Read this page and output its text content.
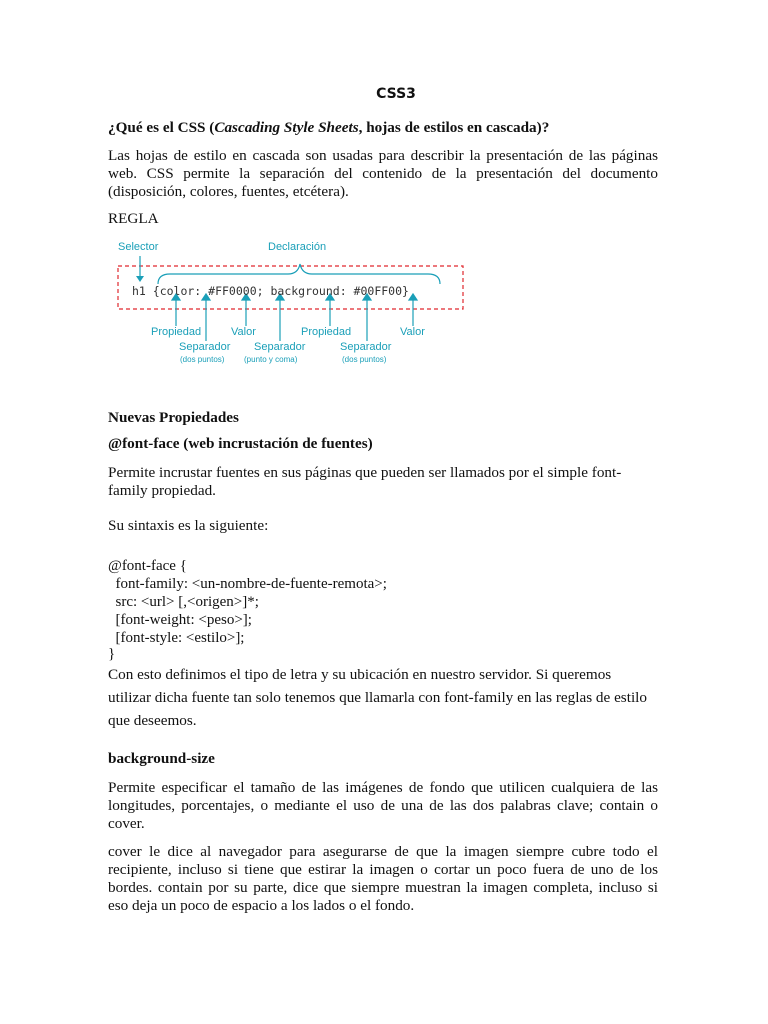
CSS3
¿Qué es el CSS (Cascading Style Sheets, hojas de estilos en cascada)?
Las hojas de estilo en cascada son usadas para describir la presentación de las páginas web. CSS permite la separación del contenido de la presentación del documento (disposición, colores, fuentes, etcétera).
REGLA
Selector	Declaración
h1 {color: #FF0000; background: #00FF00}
Propiedad	Valor	Propiedad	Valor
Separador
(dos puntos)
Separador
(punto y coma)
Separador
(dos puntos)
Nuevas Propiedades
@font-face (web incrustación de fuentes)
Permite incrustar fuentes en sus páginas que pueden ser llamados por el simple font-family propiedad.
Su sintaxis es la siguiente:
@font-face {
font-family: <un-nombre-de-fuente-remota>;
src: <url> [,<origen>]*;
[font-weight: <peso>];
[font-style: <estilo>];
}
Con esto definimos el tipo de letra y su ubicación en nuestro servidor. Si queremos utilizar dicha fuente tan solo tenemos que llamarla con font-family en las reglas de estilo que deseemos.
background-size
Permite especificar el tamaño de las imágenes de fondo que utilicen cualquiera de las longitudes, porcentajes, o mediante el uso de una de las dos palabras clave; contain o cover.
cover le dice al navegador para asegurarse de que la imagen siempre cubre todo el recipiente, incluso si tiene que estirar la imagen o cortar un poco fuera de uno de los bordes. contain por su parte, dice que siempre muestran la imagen completa, incluso si eso deja un poco de espacio a los lados o el fondo.
